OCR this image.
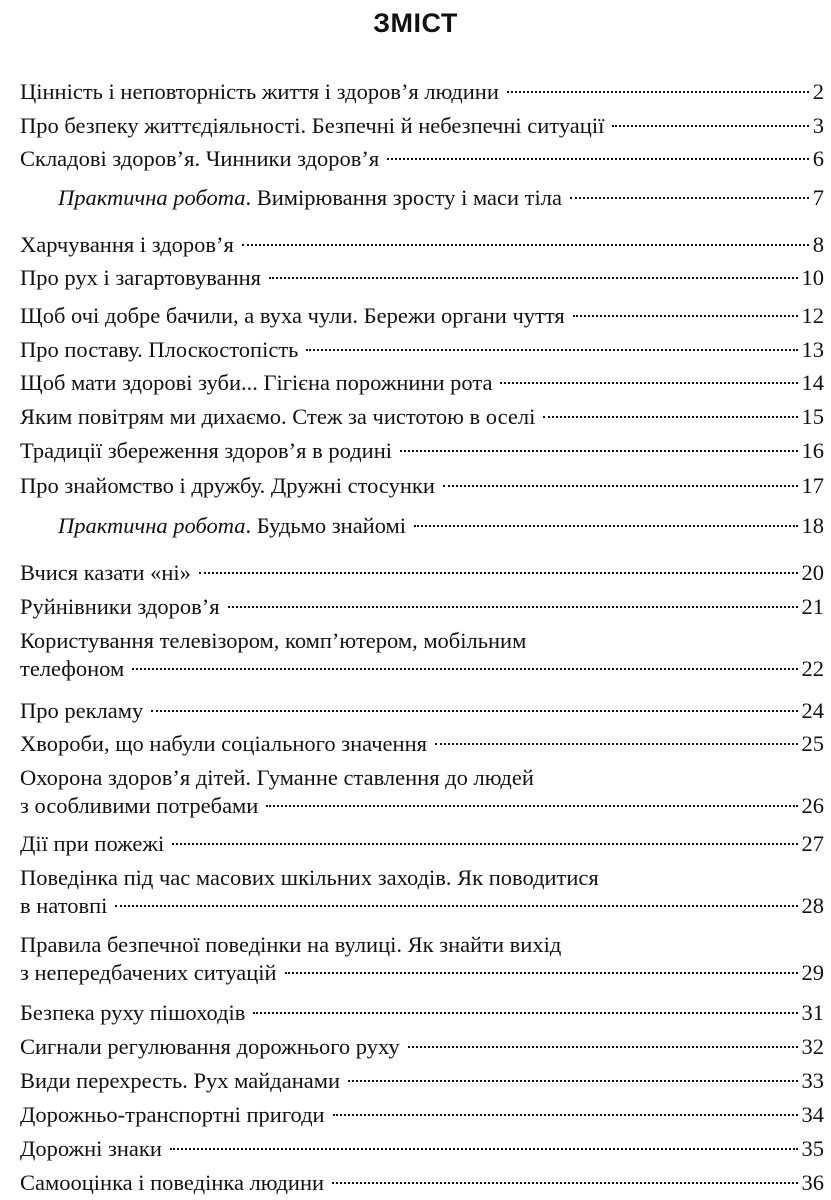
ЗМІСТ
Цінність і неповторність життя і здоров’я людини	2
Про безпеку життєдіяльності. Безпечні й небезпечні ситуації	3
Складові здоров’я. Чинники здоров’я	6
Практична робота. Вимірювання зросту і маси тіла	7
Харчування і здоров’я	8
Про рух і загартовування	10
Щоб очі добре бачили, а вуха чули. Бережи органи чуття	12
Про поставу. Плоскостопість	13
Щоб мати здорові зуби... Гігієна порожнини рота	14
Яким повітрям ми дихаємо. Стеж за чистотою в оселі	15
Традиції збереження здоров’я в родині	16
Про знайомство і дружбу. Дружні стосунки	17
Практична робота. Будьмо знайомі	18
Вчися казати «ні»	20
Руйнівники здоров’я	21
Користування телевізором, комп’ютером, мобільним
телефоном	22
Про рекламу	24
Хвороби, що набули соціального значення	25
Охорона здоров’я дітей. Гуманне ставлення до людей
з особливими потребами	26
Дії при пожежі	27
Поведінка під час масових шкільних заходів. Як поводитися
в натовпі	28
Правила безпечної поведінки на вулиці. Як знайти вихід
з непередбачених ситуацій	29
Безпека руху пішоходів	31
Сигнали регулювання дорожнього руху	32
Види перехресть. Рух майданами	33
Дорожньо-транспортні пригоди	34
Дорожні знаки	35
Самооцінка і поведінка людини	36
